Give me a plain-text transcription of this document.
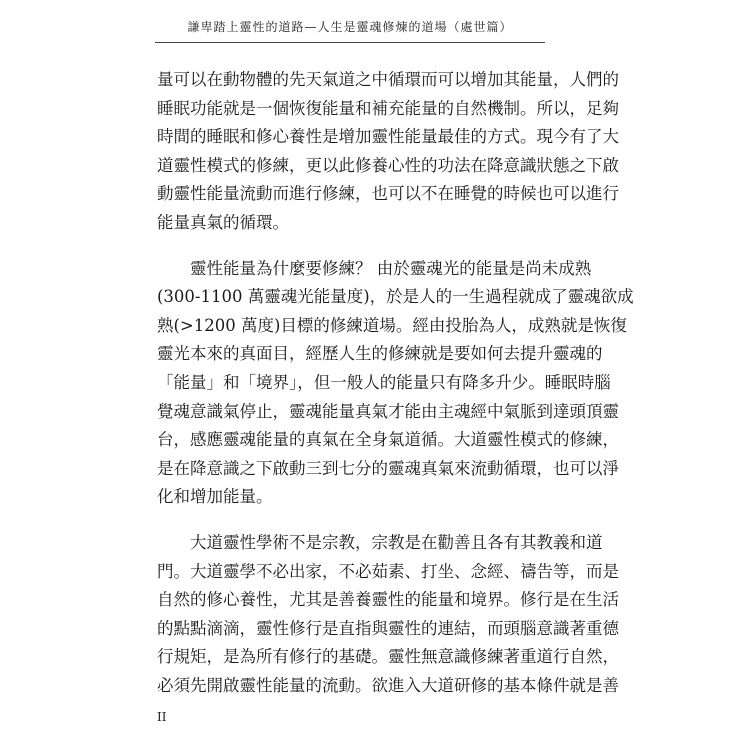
謙卑踏上靈性的道路—人生是靈魂修煉的道場（處世篇）
量可以在動物體的先天氣道之中循環而可以增加其能量，人們的
睡眠功能就是一個恢復能量和補充能量的自然機制。所以，足夠
時間的睡眠和修心養性是增加靈性能量最佳的方式。現今有了大
道靈性模式的修練，更以此修養心性的功法在降意識狀態之下啟
動靈性能量流動而進行修練，也可以不在睡覺的時候也可以進行
能量真氣的循環。
　　靈性能量為什麼要修練？ 由於靈魂光的能量是尚未成熟
(300-1100 萬靈魂光能量度)，於是人的一生過程就成了靈魂欲成
熟(>1200 萬度)目標的修練道場。經由投胎為人，成熟就是恢復
靈光本來的真面目，經歷人生的修練就是要如何去提升靈魂的
「能量」和「境界」，但一般人的能量只有降多升少。睡眠時腦
覺魂意識氣停止，靈魂能量真氣才能由主魂經中氣脈到達頭頂靈
台，感應靈魂能量的真氣在全身氣道循。大道靈性模式的修練，
是在降意識之下啟動三到七分的靈魂真氣來流動循環，也可以淨
化和增加能量。
　　大道靈性學術不是宗教，宗教是在勸善且各有其教義和道
門。大道靈學不必出家，不必茹素、打坐、念經、禱告等，而是
自然的修心養性，尤其是善養靈性的能量和境界。修行是在生活
的點點滴滴，靈性修行是直指與靈性的連結，而頭腦意識著重德
行規矩，是為所有修行的基礎。靈性無意識修練著重道行自然，
必須先開啟靈性能量的流動。欲進入大道研修的基本條件就是善
II
